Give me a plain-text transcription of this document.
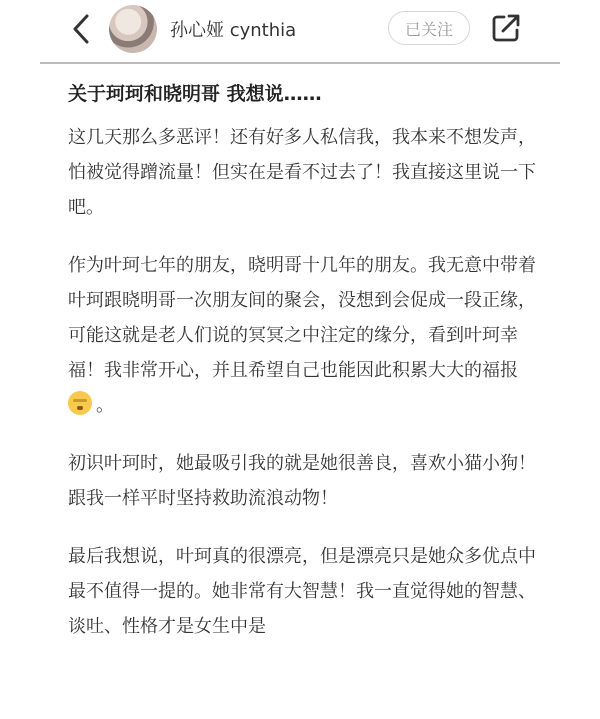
孙心娅 cynthia	已关注
关于珂珂和晓明哥 我想说……

这几天那么多恶评！还有好多人私信我，我本来不想发声，怕被觉得蹭流量！但实在是看不过去了！我直接这里说一下吧。

作为叶珂七年的朋友，晓明哥十几年的朋友。我无意中带着叶珂跟晓明哥一次朋友间的聚会，没想到会促成一段正缘，可能这就是老人们说的冥冥之中注定的缘分，看到叶珂幸福！我非常开心，并且希望自己也能因此积累大大的福报

。

初识叶珂时，她最吸引我的就是她很善良，喜欢小猫小狗！跟我一样平时坚持救助流浪动物！

最后我想说，叶珂真的很漂亮，但是漂亮只是她众多优点中最不值得一提的。她非常有大智慧！我一直觉得她的智慧、谈吐、性格才是女生中是
